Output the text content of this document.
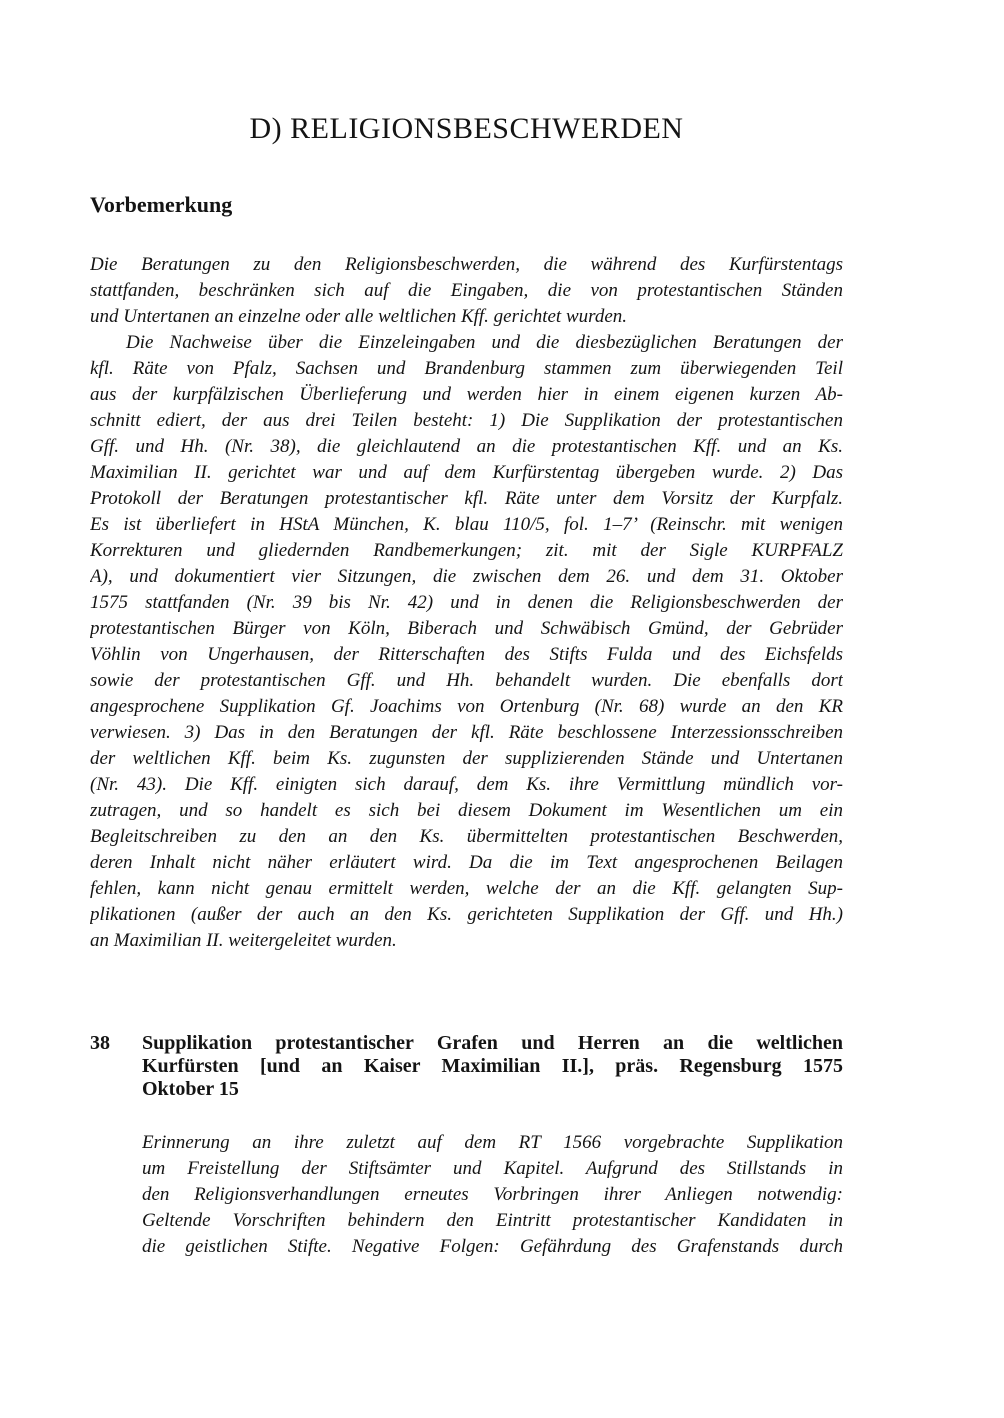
D) RELIGIONSBESCHWERDEN
Vorbemerkung
Die Beratungen zu den Religionsbeschwerden, die während des Kurfürstentags
stattfanden, beschränken sich auf die Eingaben, die von protestantischen Ständen
und Untertanen an einzelne oder alle weltlichen Kff. gerichtet wurden.
Die Nachweise über die Einzeleingaben und die diesbezüglichen Beratungen der
kfl. Räte von Pfalz, Sachsen und Brandenburg stammen zum überwiegenden Teil
aus der kurpfälzischen Überlieferung und werden hier in einem eigenen kurzen Ab-
schnitt ediert, der aus drei Teilen besteht: 1) Die Supplikation der protestantischen
Gff. und Hh. (Nr. 38), die gleichlautend an die protestantischen Kff. und an Ks.
Maximilian II. gerichtet war und auf dem Kurfürstentag übergeben wurde. 2) Das
Protokoll der Beratungen protestantischer kfl. Räte unter dem Vorsitz der Kurpfalz.
Es ist überliefert in HStA München, K. blau 110/5, fol. 1–7’ (Reinschr. mit wenigen
Korrekturen und gliedernden Randbemerkungen; zit. mit der Sigle KURPFALZ
A), und dokumentiert vier Sitzungen, die zwischen dem 26. und dem 31. Oktober
1575 stattfanden (Nr. 39 bis Nr. 42) und in denen die Religionsbeschwerden der
protestantischen Bürger von Köln, Biberach und Schwäbisch Gmünd, der Gebrüder
Vöhlin von Ungerhausen, der Ritterschaften des Stifts Fulda und des Eichsfelds
sowie der protestantischen Gff. und Hh. behandelt wurden. Die ebenfalls dort
angesprochene Supplikation Gf. Joachims von Ortenburg (Nr. 68) wurde an den KR
verwiesen. 3) Das in den Beratungen der kfl. Räte beschlossene Interzessionsschreiben
der weltlichen Kff. beim Ks. zugunsten der supplizierenden Stände und Untertanen
(Nr. 43). Die Kff. einigten sich darauf, dem Ks. ihre Vermittlung mündlich vor-
zutragen, und so handelt es sich bei diesem Dokument im Wesentlichen um ein
Begleitschreiben zu den an den Ks. übermittelten protestantischen Beschwerden,
deren Inhalt nicht näher erläutert wird. Da die im Text angesprochenen Beilagen
fehlen, kann nicht genau ermittelt werden, welche der an die Kff. gelangten Sup-
plikationen (außer der auch an den Ks. gerichteten Supplikation der Gff. und Hh.)
an Maximilian II. weitergeleitet wurden.
38	Supplikation protestantischer Grafen und Herren an die weltlichen
Kurfürsten [und an Kaiser Maximilian II.], präs. Regensburg 1575
Oktober 15
Erinnerung an ihre zuletzt auf dem RT 1566 vorgebrachte Supplikation
um Freistellung der Stiftsämter und Kapitel. Aufgrund des Stillstands in
den Religionsverhandlungen erneutes Vorbringen ihrer Anliegen notwendig:
Geltende Vorschriften behindern den Eintritt protestantischer Kandidaten in
die geistlichen Stifte. Negative Folgen: Gefährdung des Grafenstands durch
